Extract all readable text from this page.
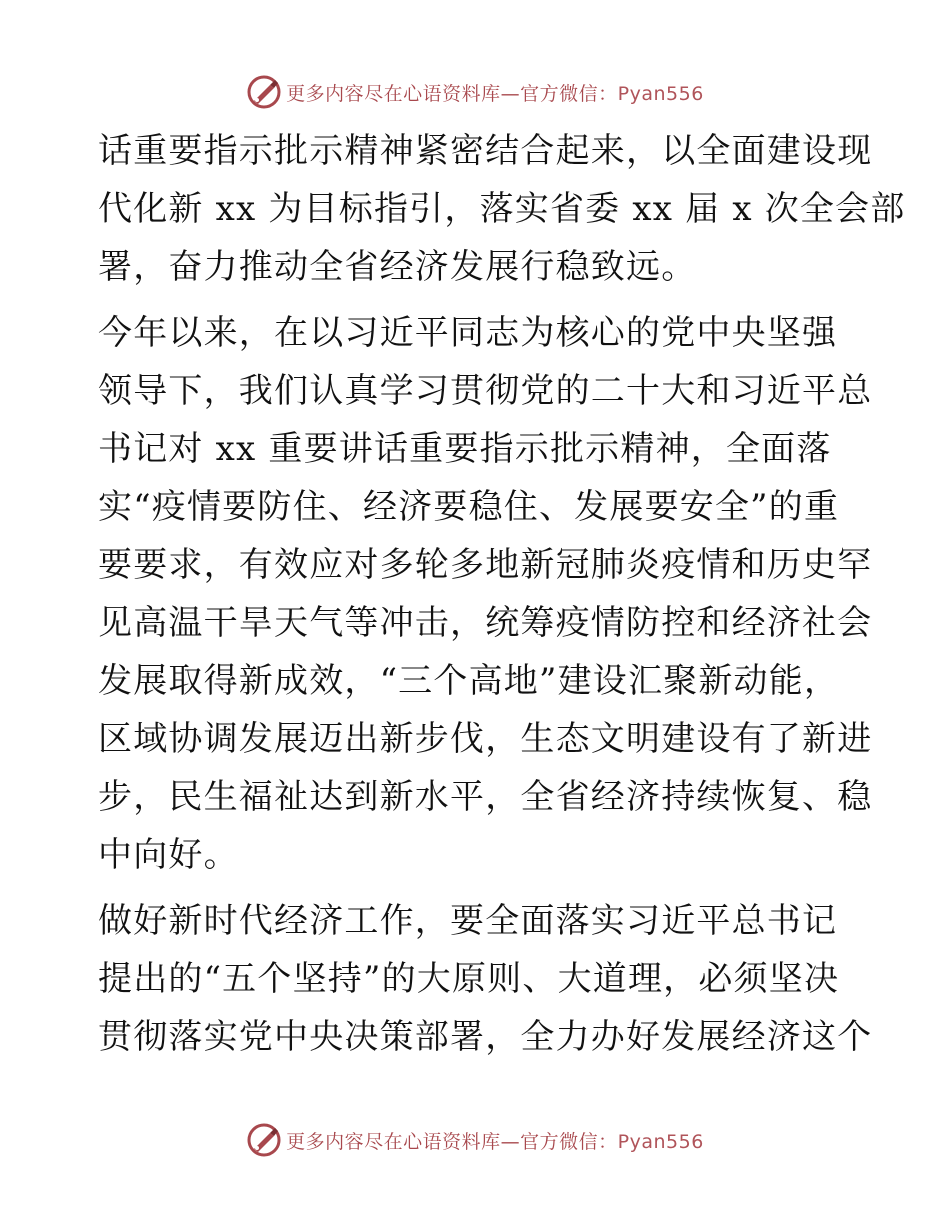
更多内容尽在心语资料库—官方微信：Pyan556
话重要指示批示精神紧密结合起来，以全面建设现
代化新 xx 为目标指引，落实省委 xx 届 x 次全会部
署，奋力推动全省经济发展行稳致远。
今年以来，在以习近平同志为核心的党中央坚强
领导下，我们认真学习贯彻党的二十大和习近平总
书记对 xx 重要讲话重要指示批示精神，全面落
实“疫情要防住、经济要稳住、发展要安全”的重
要要求，有效应对多轮多地新冠肺炎疫情和历史罕
见高温干旱天气等冲击，统筹疫情防控和经济社会
发展取得新成效，“三个高地”建设汇聚新动能，
区域协调发展迈出新步伐，生态文明建设有了新进
步，民生福祉达到新水平，全省经济持续恢复、稳
中向好。
做好新时代经济工作，要全面落实习近平总书记
提出的“五个坚持”的大原则、大道理，必须坚决
贯彻落实党中央决策部署，全力办好发展经济这个
更多内容尽在心语资料库—官方微信：Pyan556
